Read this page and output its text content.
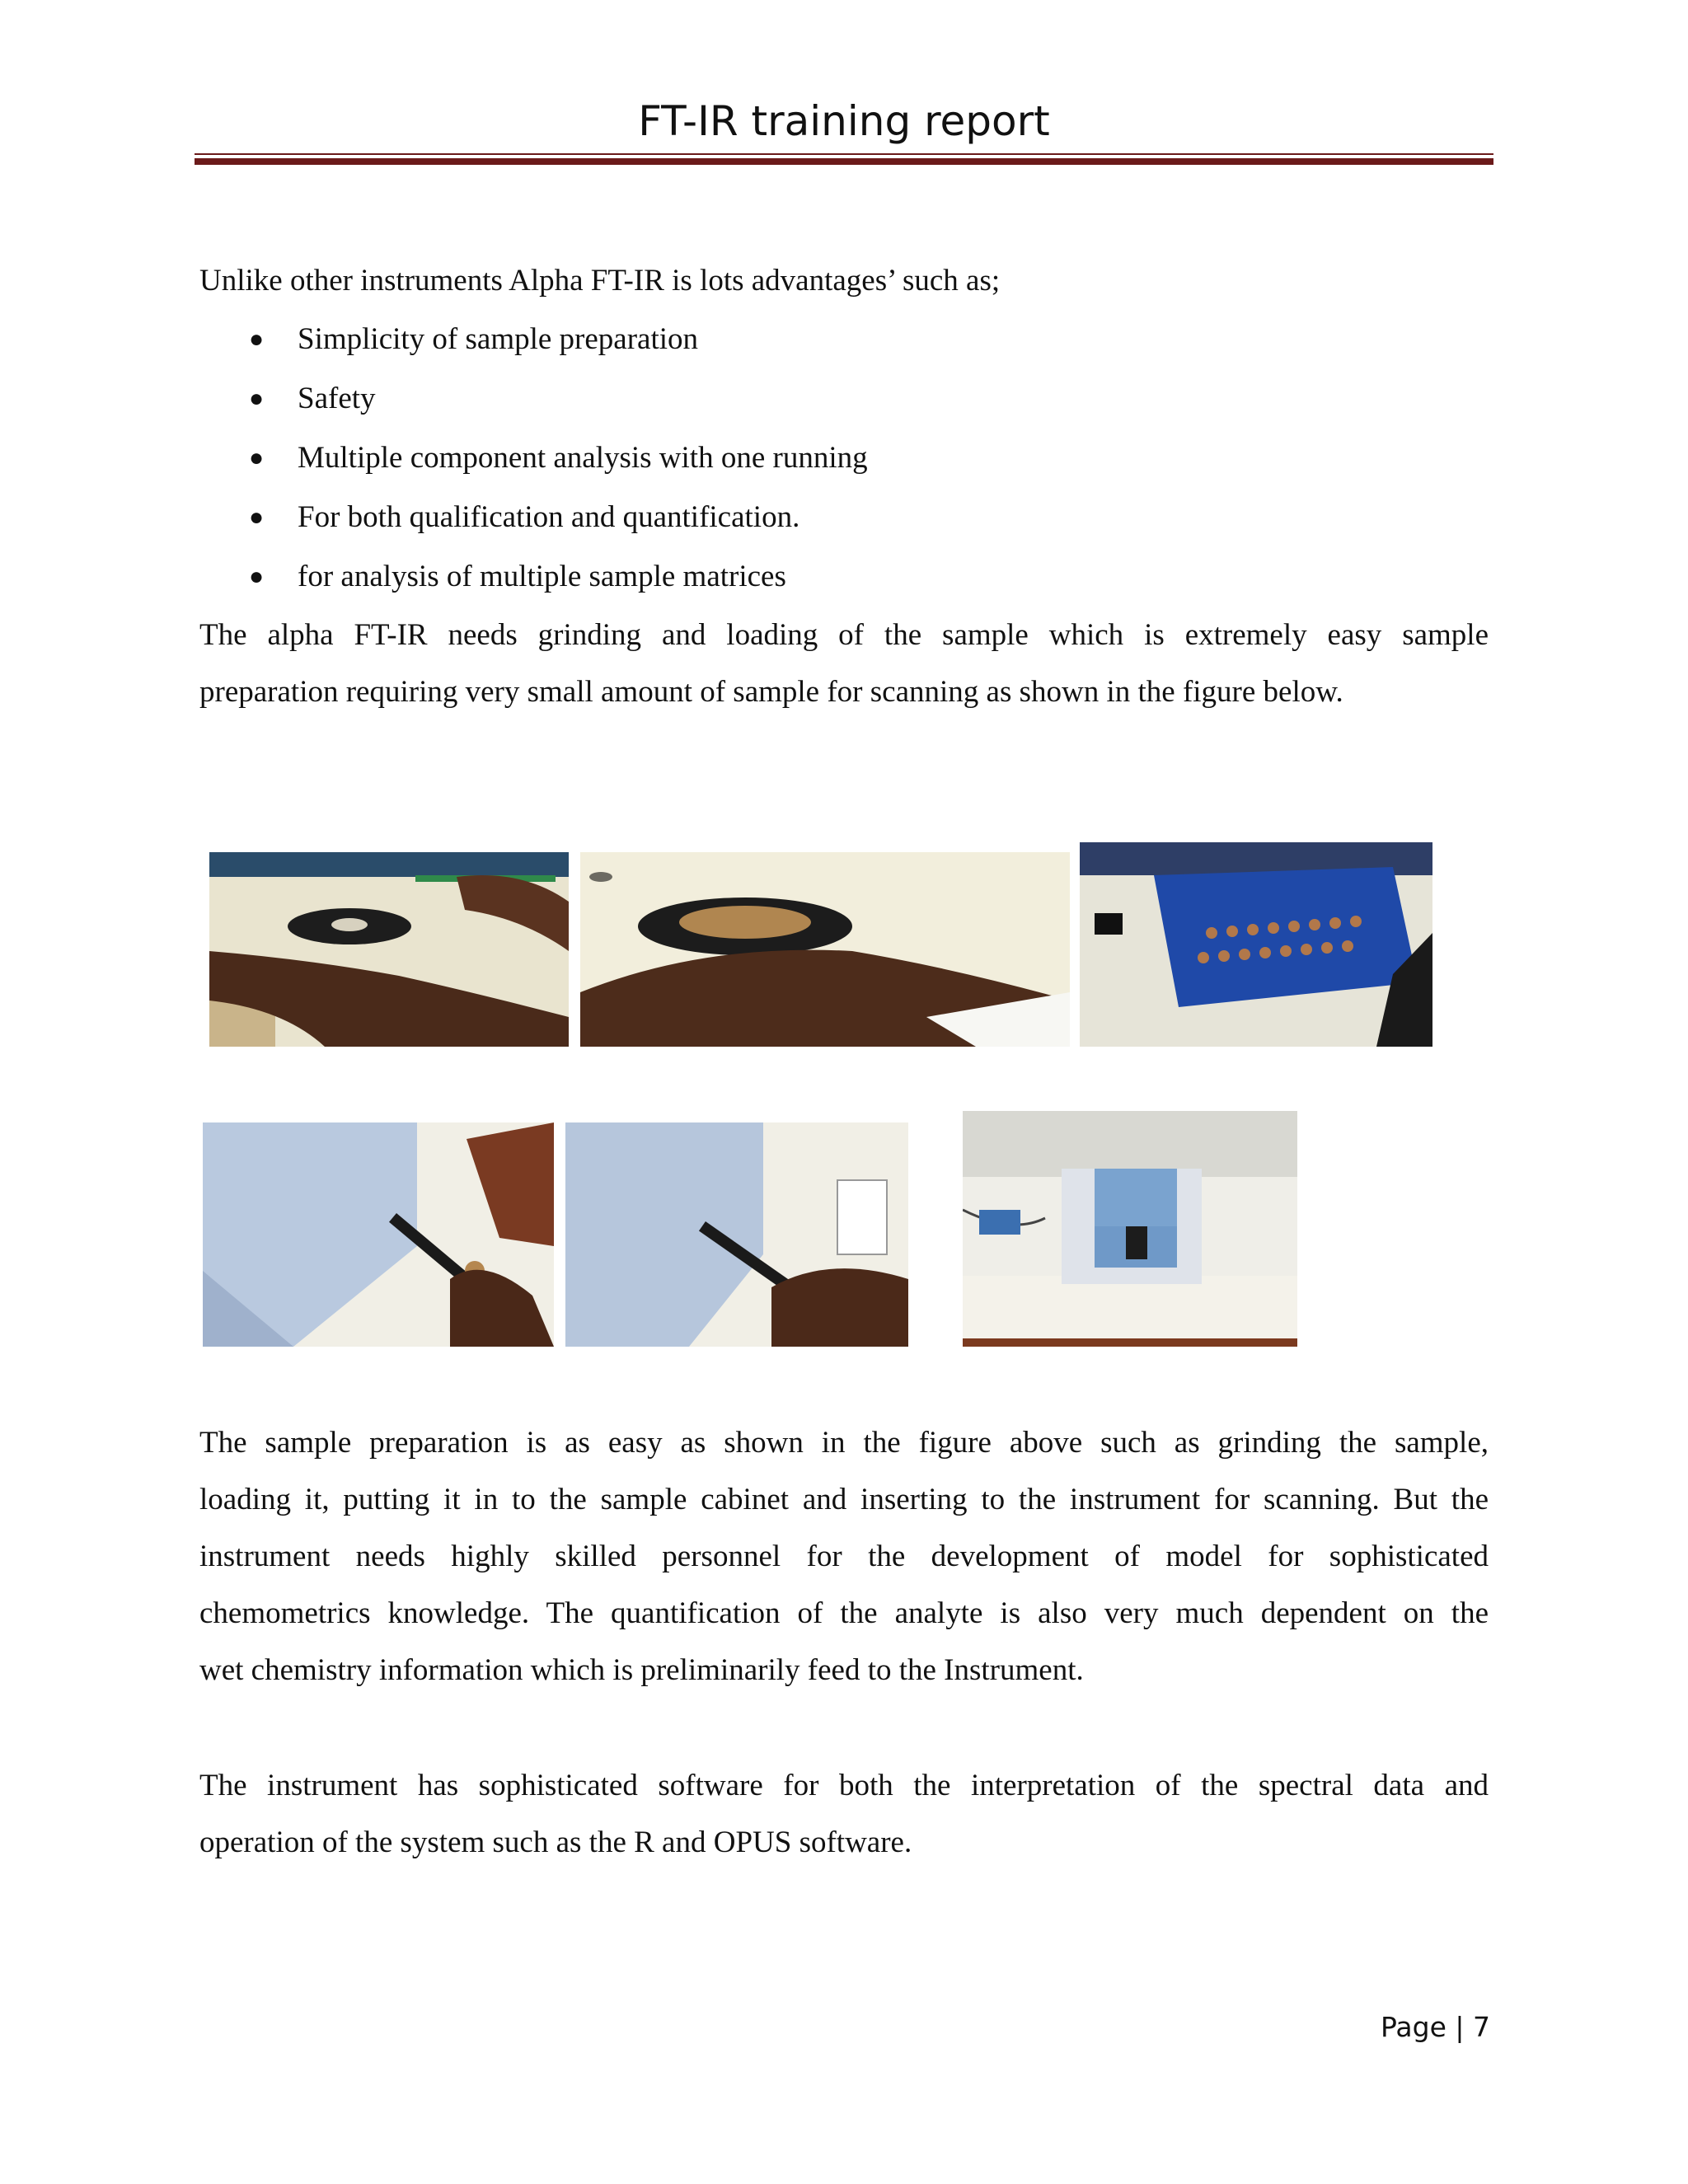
FT-IR training report
Unlike other instruments Alpha FT-IR is lots advantages’ such as;
● Simplicity of sample preparation
● Safety
● Multiple component analysis with one running
● For both qualification and quantification.
● for analysis of multiple sample matrices
The alpha FT-IR needs grinding and loading of the sample which is extremely easy sample
preparation requiring very small amount of sample for scanning as shown in the figure below.
The sample preparation is as easy as shown in the figure above such as grinding the sample,
loading it, putting it in to the sample cabinet and inserting to the instrument for scanning. But the
instrument needs highly skilled personnel for the development of model for sophisticated
chemometrics knowledge. The quantification of the analyte is also very much dependent on the
wet chemistry information which is preliminarily feed to the Instrument.
The instrument has sophisticated software for both the interpretation of the spectral data and
operation of the system such as the R and OPUS software.
Page | 7
